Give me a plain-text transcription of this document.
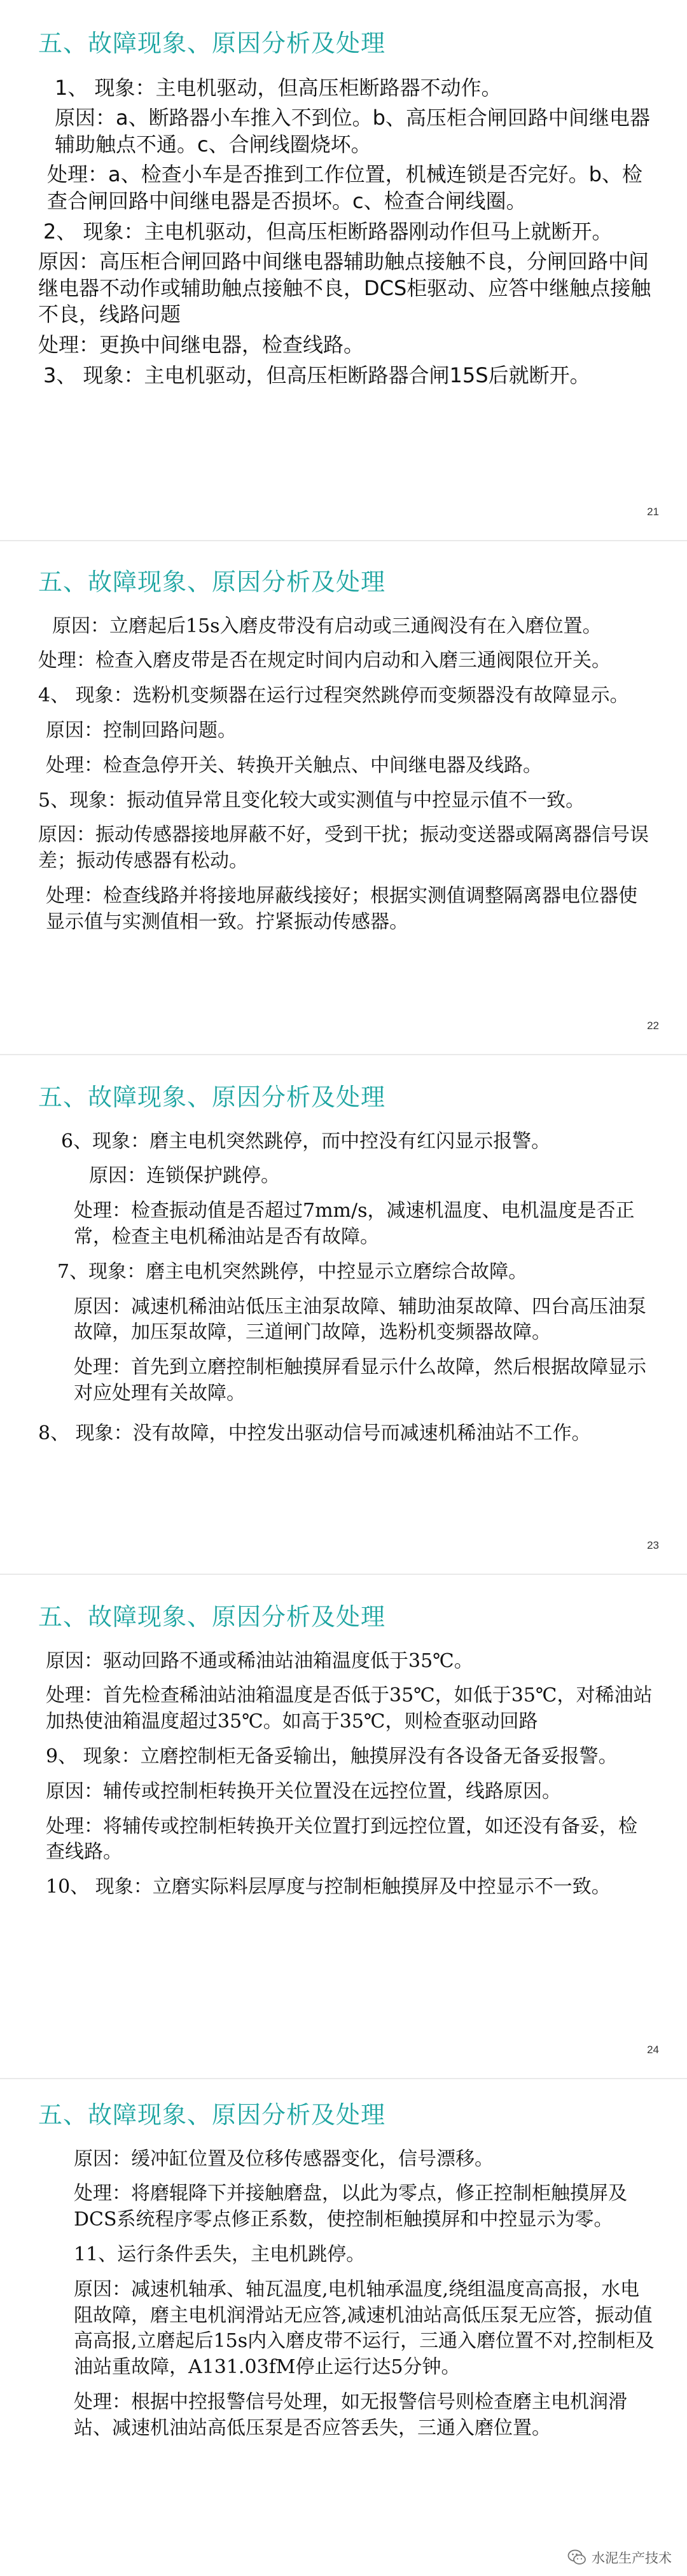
五、故障现象、原因分析及处理
1、 现象：主电机驱动，但高压柜断路器不动作。
原因：a、断路器小车推入不到位。b、高压柜合闸回路中间继电器辅助触点不通。c、合闸线圈烧坏。
处理：a、检查小车是否推到工作位置，机械连锁是否完好。b、检查合闸回路中间继电器是否损坏。c、检查合闸线圈。
2、 现象：主电机驱动，但高压柜断路器刚动作但马上就断开。
原因：高压柜合闸回路中间继电器辅助触点接触不良，分闸回路中间继电器不动作或辅助触点接触不良，DCS柜驱动、应答中继触点接触不良，线路问题
处理：更换中间继电器，检查线路。
3、 现象：主电机驱动，但高压柜断路器合闸15S后就断开。
21
五、故障现象、原因分析及处理
原因：立磨起后15s入磨皮带没有启动或三通阀没有在入磨位置。
处理：检查入磨皮带是否在规定时间内启动和入磨三通阀限位开关。
4、 现象：选粉机变频器在运行过程突然跳停而变频器没有故障显示。
原因：控制回路问题。
处理：检查急停开关、转换开关触点、中间继电器及线路。
5、现象：振动值异常且变化较大或实测值与中控显示值不一致。
原因：振动传感器接地屏蔽不好，受到干扰；振动变送器或隔离器信号误差；振动传感器有松动。
处理：检查线路并将接地屏蔽线接好；根据实测值调整隔离器电位器使显示值与实测值相一致。拧紧振动传感器。
22
五、故障现象、原因分析及处理
6、现象：磨主电机突然跳停，而中控没有红闪显示报警。
原因：连锁保护跳停。
处理：检查振动值是否超过7mm/s，减速机温度、电机温度是否正常，检查主电机稀油站是否有故障。
7、现象：磨主电机突然跳停，中控显示立磨综合故障。
原因：减速机稀油站低压主油泵故障、辅助油泵故障、四台高压油泵故障，加压泵故障，三道闸门故障，选粉机变频器故障。
处理：首先到立磨控制柜触摸屏看显示什么故障，然后根据故障显示对应处理有关故障。
8、 现象：没有故障，中控发出驱动信号而减速机稀油站不工作。
23
五、故障现象、原因分析及处理
原因：驱动回路不通或稀油站油箱温度低于35℃。
处理：首先检查稀油站油箱温度是否低于35℃，如低于35℃，对稀油站加热使油箱温度超过35℃。如高于35℃，则检查驱动回路
9、 现象：立磨控制柜无备妥输出，触摸屏没有各设备无备妥报警。
原因：辅传或控制柜转换开关位置没在远控位置，线路原因。
处理：将辅传或控制柜转换开关位置打到远控位置，如还没有备妥，检查线路。
10、 现象：立磨实际料层厚度与控制柜触摸屏及中控显示不一致。
24
五、故障现象、原因分析及处理
原因：缓冲缸位置及位移传感器变化，信号漂移。
处理：将磨辊降下并接触磨盘，以此为零点，修正控制柜触摸屏及DCS系统程序零点修正系数，使控制柜触摸屏和中控显示为零。
11、运行条件丢失，主电机跳停。
原因：减速机轴承、轴瓦温度,电机轴承温度,绕组温度高高报，水电阻故障，磨主电机润滑站无应答,减速机油站高低压泵无应答，振动值高高报,立磨起后15s内入磨皮带不运行，三通入磨位置不对,控制柜及油站重故障，A131.03fM停止运行达5分钟。
处理：根据中控报警信号处理，如无报警信号则检查磨主电机润滑站、减速机油站高低压泵是否应答丢失，三通入磨位置。
水泥生产技术
